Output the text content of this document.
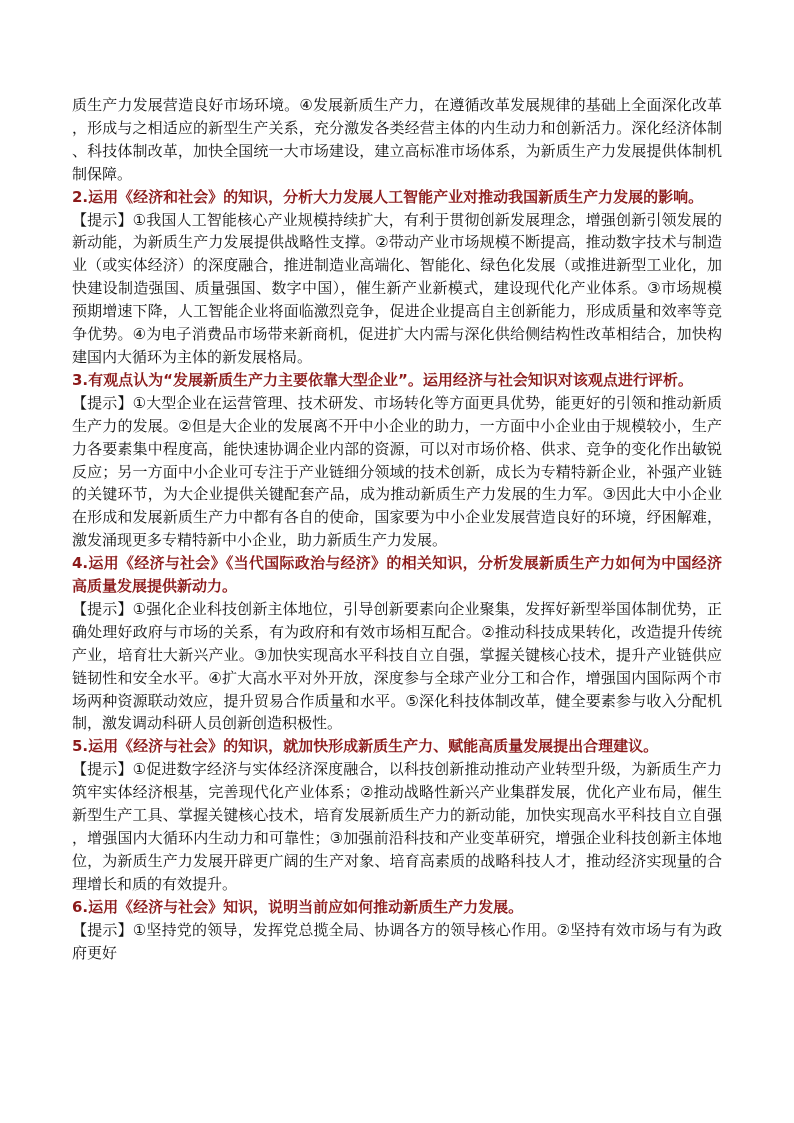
质生产力发展营造良好市场环境。④发展新质生产力，在遵循改革发展规律的基础上全面深化改革，形成与之相适应的新型生产关系，充分激发各类经营主体的内生动力和创新活力。深化经济体制、科技体制改革，加快全国统一大市场建设，建立高标准市场体系，为新质生产力发展提供体制机制保障。

2.运用《经济和社会》的知识，分析大力发展人工智能产业对推动我国新质生产力发展的影响。

【提示】①我国人工智能核心产业规模持续扩大，有利于贯彻创新发展理念，增强创新引领发展的新动能，为新质生产力发展提供战略性支撑。②带动产业市场规模不断提高，推动数字技术与制造业（或实体经济）的深度融合，推进制造业高端化、智能化、绿色化发展（或推进新型工业化，加快建设制造强国、质量强国、数字中国），催生新产业新模式，建设现代化产业体系。③市场规模预期增速下降，人工智能企业将面临激烈竞争，促进企业提高自主创新能力，形成质量和效率等竞争优势。④为电子消费品市场带来新商机，促进扩大内需与深化供给侧结构性改革相结合，加快构建国内大循环为主体的新发展格局。

3.有观点认为“发展新质生产力主要依靠大型企业”。运用经济与社会知识对该观点进行评析。

【提示】①大型企业在运营管理、技术研发、市场转化等方面更具优势，能更好的引领和推动新质生产力的发展。②但是大企业的发展离不开中小企业的助力，一方面中小企业由于规模较小，生产力各要素集中程度高，能快速协调企业内部的资源，可以对市场价格、供求、竞争的变化作出敏锐反应；另一方面中小企业可专注于产业链细分领域的技术创新，成长为专精特新企业，补强产业链的关键环节，为大企业提供关键配套产品，成为推动新质生产力发展的生力军。③因此大中小企业在形成和发展新质生产力中都有各自的使命，国家要为中小企业发展营造良好的环境，纾困解难，激发涌现更多专精特新中小企业，助力新质生产力发展。

4.运用《经济与社会》《当代国际政治与经济》的相关知识，分析发展新质生产力如何为中国经济高质量发展提供新动力。

【提示】①强化企业科技创新主体地位，引导创新要素向企业聚集，发挥好新型举国体制优势，正确处理好政府与市场的关系，有为政府和有效市场相互配合。②推动科技成果转化，改造提升传统产业，培育壮大新兴产业。③加快实现高水平科技自立自强，掌握关键核心技术，提升产业链供应链韧性和安全水平。④扩大高水平对外开放，深度参与全球产业分工和合作，增强国内国际两个市场两种资源联动效应，提升贸易合作质量和水平。⑤深化科技体制改革，健全要素参与收入分配机制，激发调动科研人员创新创造积极性。

5.运用《经济与社会》的知识，就加快形成新质生产力、赋能高质量发展提出合理建议。

【提示】①促进数字经济与实体经济深度融合，以科技创新推动推动产业转型升级，为新质生产力筑牢实体经济根基，完善现代化产业体系；②推动战略性新兴产业集群发展，优化产业布局，催生新型生产工具、掌握关键核心技术，培育发展新质生产力的新动能，加快实现高水平科技自立自强，增强国内大循环内生动力和可靠性；③加强前沿科技和产业变革研究，增强企业科技创新主体地位，为新质生产力发展开辟更广阔的生产对象、培育高素质的战略科技人才，推动经济实现量的合理增长和质的有效提升。

6.运用《经济与社会》知识，说明当前应如何推动新质生产力发展。

【提示】①坚持党的领导，发挥党总揽全局、协调各方的领导核心作用。②坚持有效市场与有为政府更好
